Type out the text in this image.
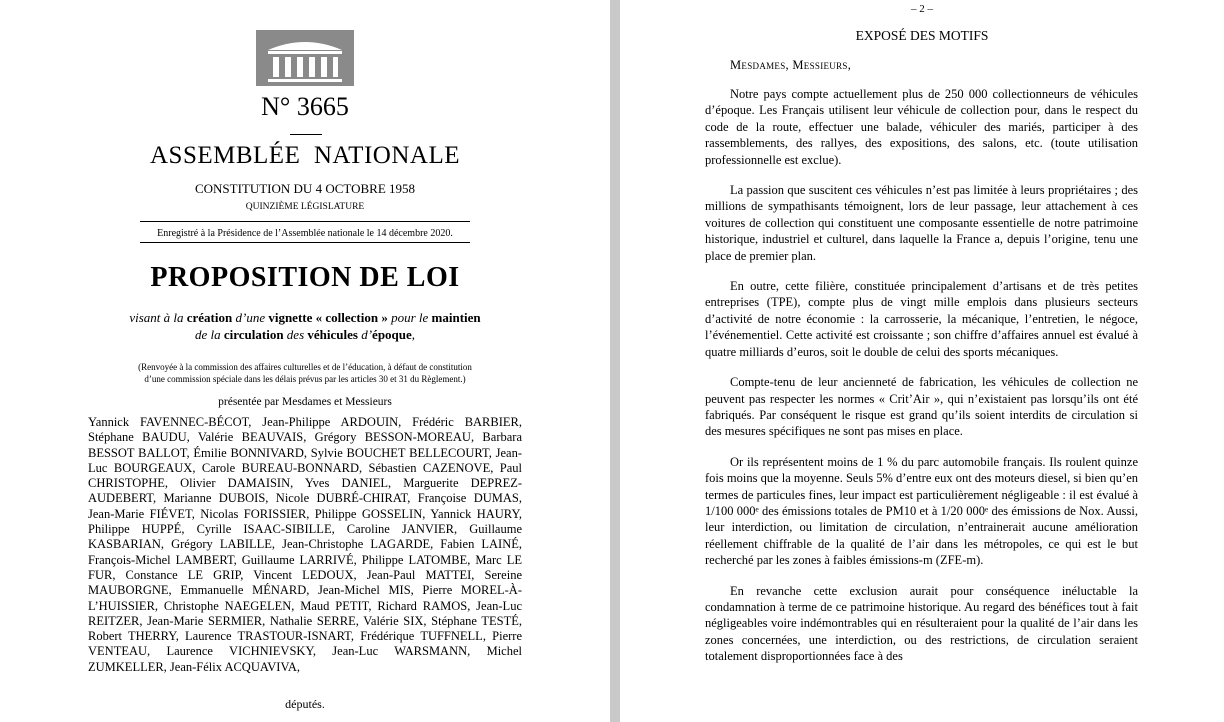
N° 3665
ASSEMBLÉE  NATIONALE
CONSTITUTION DU 4 OCTOBRE 1958
QUINZIÈME LÉGISLATURE
Enregistré à la Présidence de l’Assemblée nationale le 14 décembre 2020.
PROPOSITION DE LOI
visant à la création d’une vignette « collection » pour le maintien
de la circulation des véhicules d’époque,
(Renvoyée à la commission des affaires culturelles et de l’éducation, à défaut de constitution
d’une commission spéciale dans les délais prévus par les articles 30 et 31 du Règlement.)
présentée par Mesdames et Messieurs
Yannick FAVENNEC-BÉCOT, Jean-Philippe ARDOUIN, Frédéric BARBIER, Stéphane BAUDU, Valérie BEAUVAIS, Grégory BESSON-MOREAU, Barbara BESSOT BALLOT, Émilie BONNIVARD, Sylvie BOUCHET BELLECOURT, Jean-Luc BOURGEAUX, Carole BUREAU-BONNARD, Sébastien CAZENOVE, Paul CHRISTOPHE, Olivier DAMAISIN, Yves DANIEL, Marguerite DEPREZ-AUDEBERT, Marianne DUBOIS, Nicole DUBRÉ-CHIRAT, Françoise DUMAS, Jean-Marie FIÉVET, Nicolas FORISSIER, Philippe GOSSELIN, Yannick HAURY, Philippe HUPPÉ, Cyrille ISAAC-SIBILLE, Caroline JANVIER, Guillaume KASBARIAN, Grégory LABILLE, Jean-Christophe LAGARDE, Fabien LAINÉ, François-Michel LAMBERT, Guillaume LARRIVÉ, Philippe LATOMBE, Marc LE FUR, Constance LE GRIP, Vincent LEDOUX, Jean-Paul MATTEI, Sereine MAUBORGNE, Emmanuelle MÉNARD, Jean-Michel MIS, Pierre MOREL-À-L’HUISSIER, Christophe NAEGELEN, Maud PETIT, Richard RAMOS, Jean-Luc REITZER, Jean-Marie SERMIER, Nathalie SERRE, Valérie SIX, Stéphane TESTÉ, Robert THERRY, Laurence TRASTOUR-ISNART, Frédérique TUFFNELL, Pierre VENTEAU, Laurence VICHNIEVSKY, Jean-Luc WARSMANN, Michel ZUMKELLER, Jean-Félix ACQUAVIVA,
députés.
– 2 –
EXPOSÉ DES MOTIFS
Mesdames, Messieurs,

Notre pays compte actuellement plus de 250 000 collectionneurs de véhicules d’époque. Les Français utilisent leur véhicule de collection pour, dans le respect du code de la route, effectuer une balade, véhiculer des mariés, participer à des rassemblements, des rallyes, des expositions, des salons, etc. (toute utilisation professionnelle est exclue).

La passion que suscitent ces véhicules n’est pas limitée à leurs propriétaires ; des millions de sympathisants témoignent, lors de leur passage, leur attachement à ces voitures de collection qui constituent une composante essentielle de notre patrimoine historique, industriel et culturel, dans laquelle la France a, depuis l’origine, tenu une place de premier plan.

En outre, cette filière, constituée principalement d’artisans et de très petites entreprises (TPE), compte plus de vingt mille emplois dans plusieurs secteurs d’activité de notre économie : la carrosserie, la mécanique, l’entretien, le négoce, l’événementiel. Cette activité est croissante ; son chiffre d’affaires annuel est évalué à quatre milliards d’euros, soit le double de celui des sports mécaniques.

Compte-tenu de leur ancienneté de fabrication, les véhicules de collection ne peuvent pas respecter les normes « Crit’Air », qui n’existaient pas lorsqu’ils ont été fabriqués. Par conséquent le risque est grand qu’ils soient interdits de circulation si des mesures spécifiques ne sont pas mises en place.

Or ils représentent moins de 1 % du parc automobile français. Ils roulent quinze fois moins que la moyenne. Seuls 5% d’entre eux ont des moteurs diesel, si bien qu’en termes de particules fines, leur impact est particulièrement négligeable : il est évalué à 1/100 000ᵉ des émissions totales de PM10 et à 1/20 000ᵉ des émissions de Nox. Aussi, leur interdiction, ou limitation de circulation, n’entrainerait aucune amélioration réellement chiffrable de la qualité de l’air dans les métropoles, ce qui est le but recherché par les zones à faibles émissions-m (ZFE-m).

En revanche cette exclusion aurait pour conséquence inéluctable la condamnation à terme de ce patrimoine historique. Au regard des bénéfices tout à fait négligeables voire indémontrables qui en résulteraient pour la qualité de l’air dans les zones concernées, une interdiction, ou des restrictions, de circulation seraient totalement disproportionnées face à des
